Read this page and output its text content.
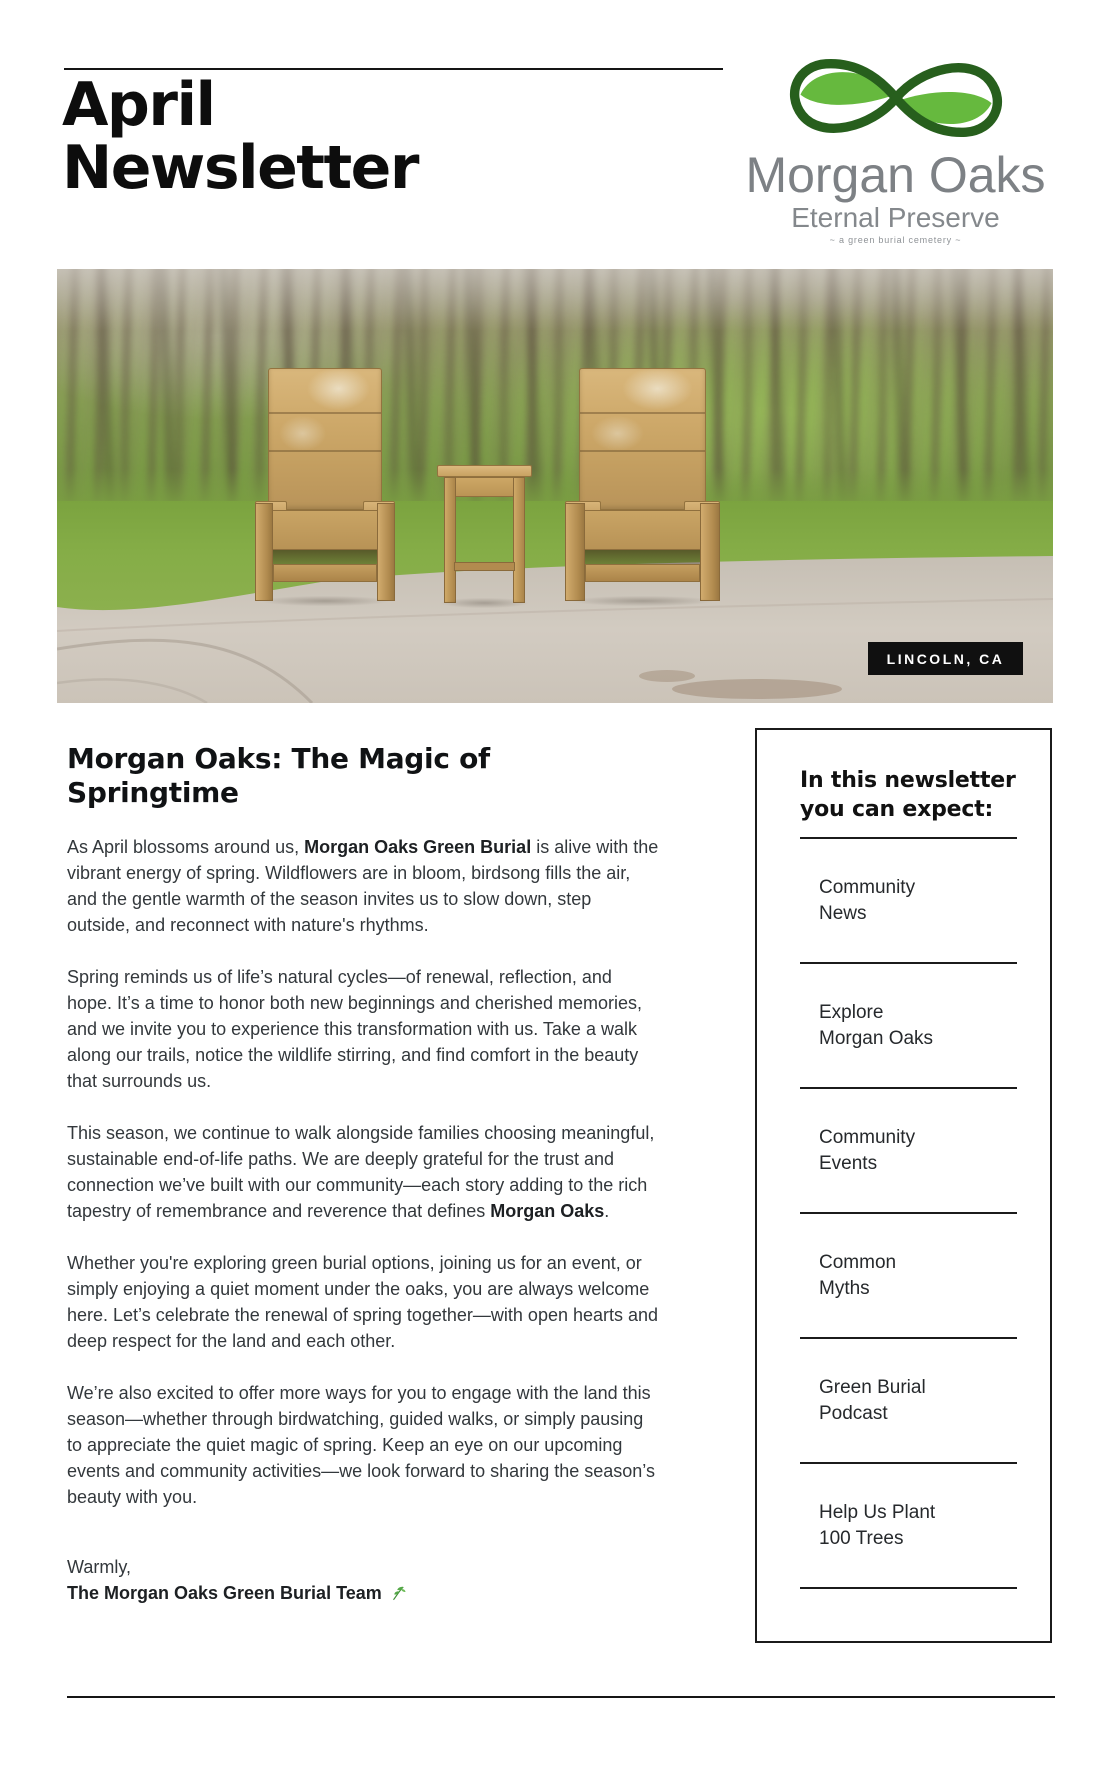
April
Newsletter	Morgan Oaks
Eternal Preserve
~ a green burial cemetery ~
LINCOLN, CA
Morgan Oaks: The Magic of Springtime

As April blossoms around us, Morgan Oaks Green Burial is alive with the vibrant energy of spring. Wildflowers are in bloom, birdsong fills the air, and the gentle warmth of the season invites us to slow down, step outside, and reconnect with nature's rhythms.

Spring reminds us of life’s natural cycles—of renewal, reflection, and hope. It’s a time to honor both new beginnings and cherished memories, and we invite you to experience this transformation with us. Take a walk along our trails, notice the wildlife stirring, and find comfort in the beauty that surrounds us.

This season, we continue to walk alongside families choosing meaningful, sustainable end-of-life paths. We are deeply grateful for the trust and connection we’ve built with our community—each story adding to the rich tapestry of remembrance and reverence that defines Morgan Oaks.

Whether you're exploring green burial options, joining us for an event, or simply enjoying a quiet moment under the oaks, you are always welcome here. Let’s celebrate the renewal of spring together—with open hearts and deep respect for the land and each other.

We’re also excited to offer more ways for you to engage with the land this season—whether through birdwatching, guided walks, or simply pausing to appreciate the quiet magic of spring. Keep an eye on our upcoming events and community activities—we look forward to sharing the season’s beauty with you.

Warmly,
The Morgan Oaks Green Burial Team
In this newsletter you can expect:
Community News
Explore Morgan Oaks
Community Events
Common Myths
Green Burial Podcast
Help Us Plant 100 Trees
